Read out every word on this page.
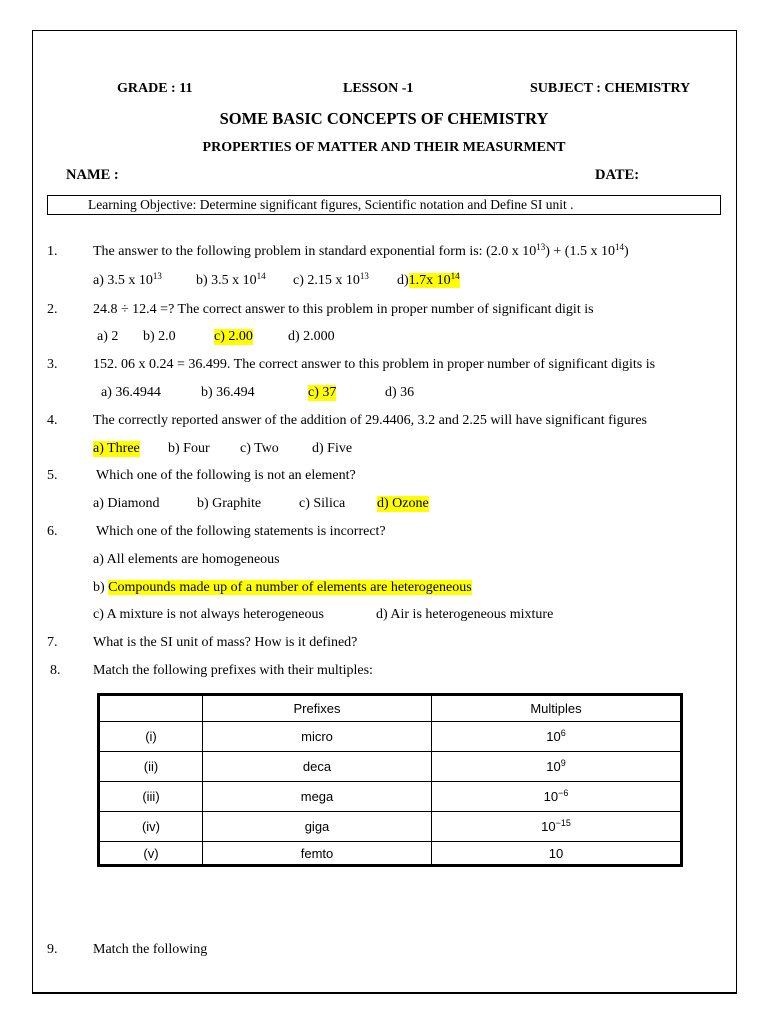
GRADE : 11	LESSON -1	SUBJECT : CHEMISTRY
SOME BASIC CONCEPTS OF CHEMISTRY
PROPERTIES OF MATTER AND THEIR MEASURMENT
NAME :	DATE:
Learning Objective: Determine significant figures, Scientific notation and Define SI unit .
1.	The answer to the following problem in standard exponential form is: (2.0 x $10^{13}) + (1.5$ x $10^{14}$)
a) 3.5 x $10^{13}$ b) 3.5 x $10^{14}$ c) 2.15 x $10^{13}$ d)1.7x $10^{14}$
2.	24.8 ÷ 12.4 =? The correct answer to this problem in proper number of significant digit is
a) 2 b) 2.0	c) 2.00	d) 2.000
3.	152. 06 x 0.24 = 36.499. The correct answer to this problem in proper number of significant digits is
a) 36.4944	b) 36.494	c) 37	d) 36
4.	The correctly reported answer of the addition of 29.4406, 3.2 and 2.25 will have significant figures
a) Three b) Four c) Two d) Five
5.	Which one of the following is not an element?
a) Diamond	b) Graphite	c) Silica d) Ozone
6.	Which one of the following statements is incorrect?
a) All elements are homogeneous
b) Compounds made up of a number of elements are heterogeneous
c) A mixture is not always heterogeneous	d) Air is heterogeneous mixture
7.	What is the SI unit of mass? How is it defined?
8. Match the following prefixes with their multiples:
	Prefixes	Multiples
(i)	micro	$10^6$
(ii)	deca	$10^9$
(iii)	mega	$10^{-6}$
(iv)	giga	$10^{-15}$
(v)	femto	10
9.	Match the following
